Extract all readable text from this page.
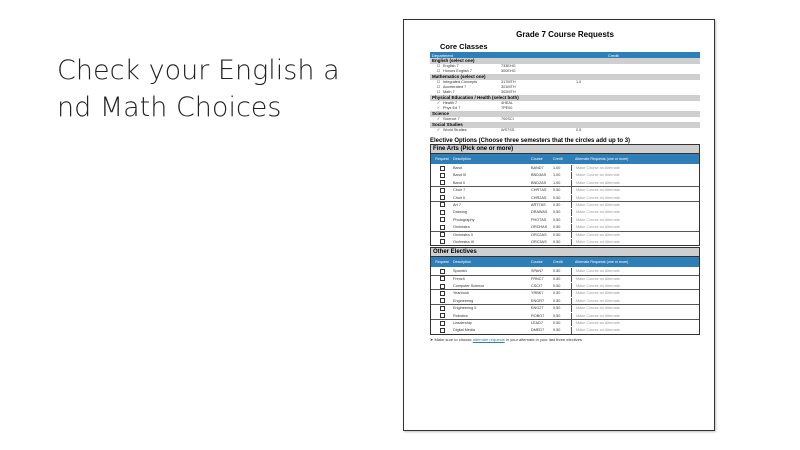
Check your English a
nd Math Choices
Grade 7 Course Requests
Core Classes
Department	Credit
English (select one)
☐ English 7	733EHG
☐ Honors English 7	300EHG
Mathematics (select one)
☐ Integrated Concepts	317MTH	1.0
☐ Accelerated 7	301MTH
☐ Math 7	302MTH
Physical Education / Health (select both)
✓ Health 7	4HEAL
✓ Phys Ed 7	7PE00
Science
✓ Science 7	700SCI
Social Studies
✓ World Studies	WS7SS	0.5
Elective Options (Choose three semesters that the circles add up to 3)
Fine Arts (Pick one or more)
Request	Description	Course	Credit	Alternate Requests (one or more)
Band	BAND7	1.00	Make Course an Alternate
Band III	BND3AS	1.00	Make Course an Alternate
Band II	BND2AS	1.00	Make Course an Alternate
Choir 7	CHR7AS	0.50	Make Course an Alternate
Choir II	CHR2AS	0.50	Make Course an Alternate
Art 7	ART7AS	0.50	Make Course an Alternate
Drawing	DRAWAS	0.50	Make Course an Alternate
Photography	PHOTAS	0.50	Make Course an Alternate
Orchestra	ORCHAS	0.50	Make Course an Alternate
Orchestra II	ORC2AS	0.50	Make Course an Alternate
Orchestra III	ORC3AS	0.50	Make Course an Alternate
Other Electives
Request	Description	Course	Credit	Alternate Requests (one or more)
Spanish	SPAN7	0.50	Make Course an Alternate
French	FRNC7	0.50	Make Course an Alternate
Computer Science	CSCI7	0.50	Make Course an Alternate
Yearbook	YRBK7	0.50	Make Course an Alternate
Engineering	ENGR7	0.50	Make Course an Alternate
Engineering II	ENG27	0.50	Make Course an Alternate
Robotics	ROBO7	0.50	Make Course an Alternate
Leadership	LEAD7	0.50	Make Course an Alternate
Digital Media	DMED7	0.50	Make Course an Alternate
➤ Make sure to choose alternate requests in your alternate in your last three electives
